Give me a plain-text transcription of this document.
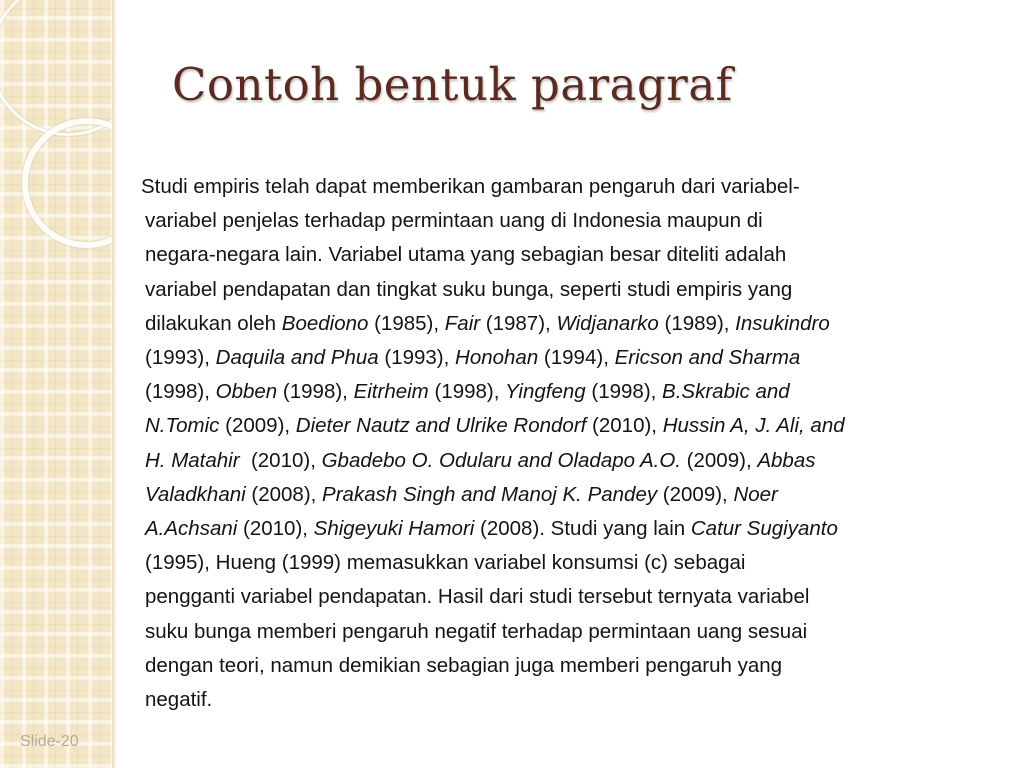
Contoh bentuk paragraf
Studi empiris telah dapat memberikan gambaran pengaruh dari variabel-
variabel penjelas terhadap permintaan uang di Indonesia maupun di
negara-negara lain. Variabel utama yang sebagian besar diteliti adalah
variabel pendapatan dan tingkat suku bunga, seperti studi empiris yang
dilakukan oleh Boediono (1985), Fair (1987), Widjanarko (1989), Insukindro
(1993), Daquila and Phua (1993), Honohan (1994), Ericson and Sharma
(1998), Obben (1998), Eitrheim (1998), Yingfeng (1998), B.Skrabic and
N.Tomic (2009), Dieter Nautz and Ulrike Rondorf (2010), Hussin A, J. Ali, and
H. Matahir  (2010), Gbadebo O. Odularu and Oladapo A.O. (2009), Abbas
Valadkhani (2008), Prakash Singh and Manoj K. Pandey (2009), Noer
A.Achsani (2010), Shigeyuki Hamori (2008). Studi yang lain Catur Sugiyanto
(1995), Hueng (1999) memasukkan variabel konsumsi (c) sebagai
pengganti variabel pendapatan. Hasil dari studi tersebut ternyata variabel
suku bunga memberi pengaruh negatif terhadap permintaan uang sesuai
dengan teori, namun demikian sebagian juga memberi pengaruh yang
negatif.
Slide-20
